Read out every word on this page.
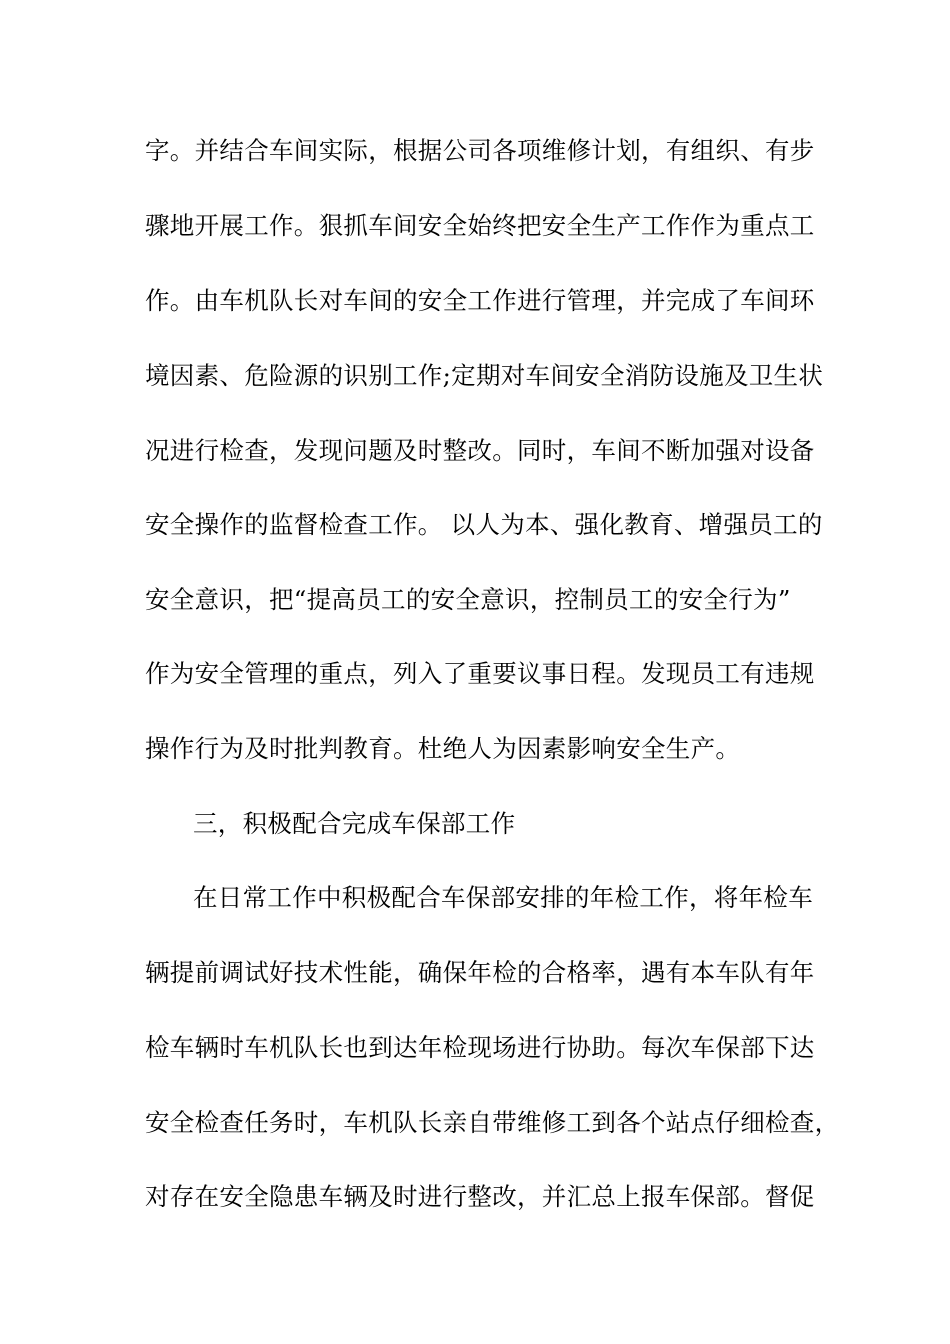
字。并结合车间实际，根据公司各项维修计划，有组织、有步
骤地开展工作。狠抓车间安全始终把安全生产工作作为重点工
作。由车机队长对车间的安全工作进行管理，并完成了车间环
境因素、危险源的识别工作;定期对车间安全消防设施及卫生状
况进行检查，发现问题及时整改。同时，车间不断加强对设备
安全操作的监督检查工作。 以人为本、强化教育、增强员工的
安全意识，把“提高员工的安全意识，控制员工的安全行为”
作为安全管理的重点，列入了重要议事日程。发现员工有违规
操作行为及时批判教育。杜绝人为因素影响安全生产。
三，积极配合完成车保部工作
在日常工作中积极配合车保部安排的年检工作，将年检车
辆提前调试好技术性能，确保年检的合格率，遇有本车队有年
检车辆时车机队长也到达年检现场进行协助。每次车保部下达
安全检查任务时，车机队长亲自带维修工到各个站点仔细检查，
对存在安全隐患车辆及时进行整改，并汇总上报车保部。督促
